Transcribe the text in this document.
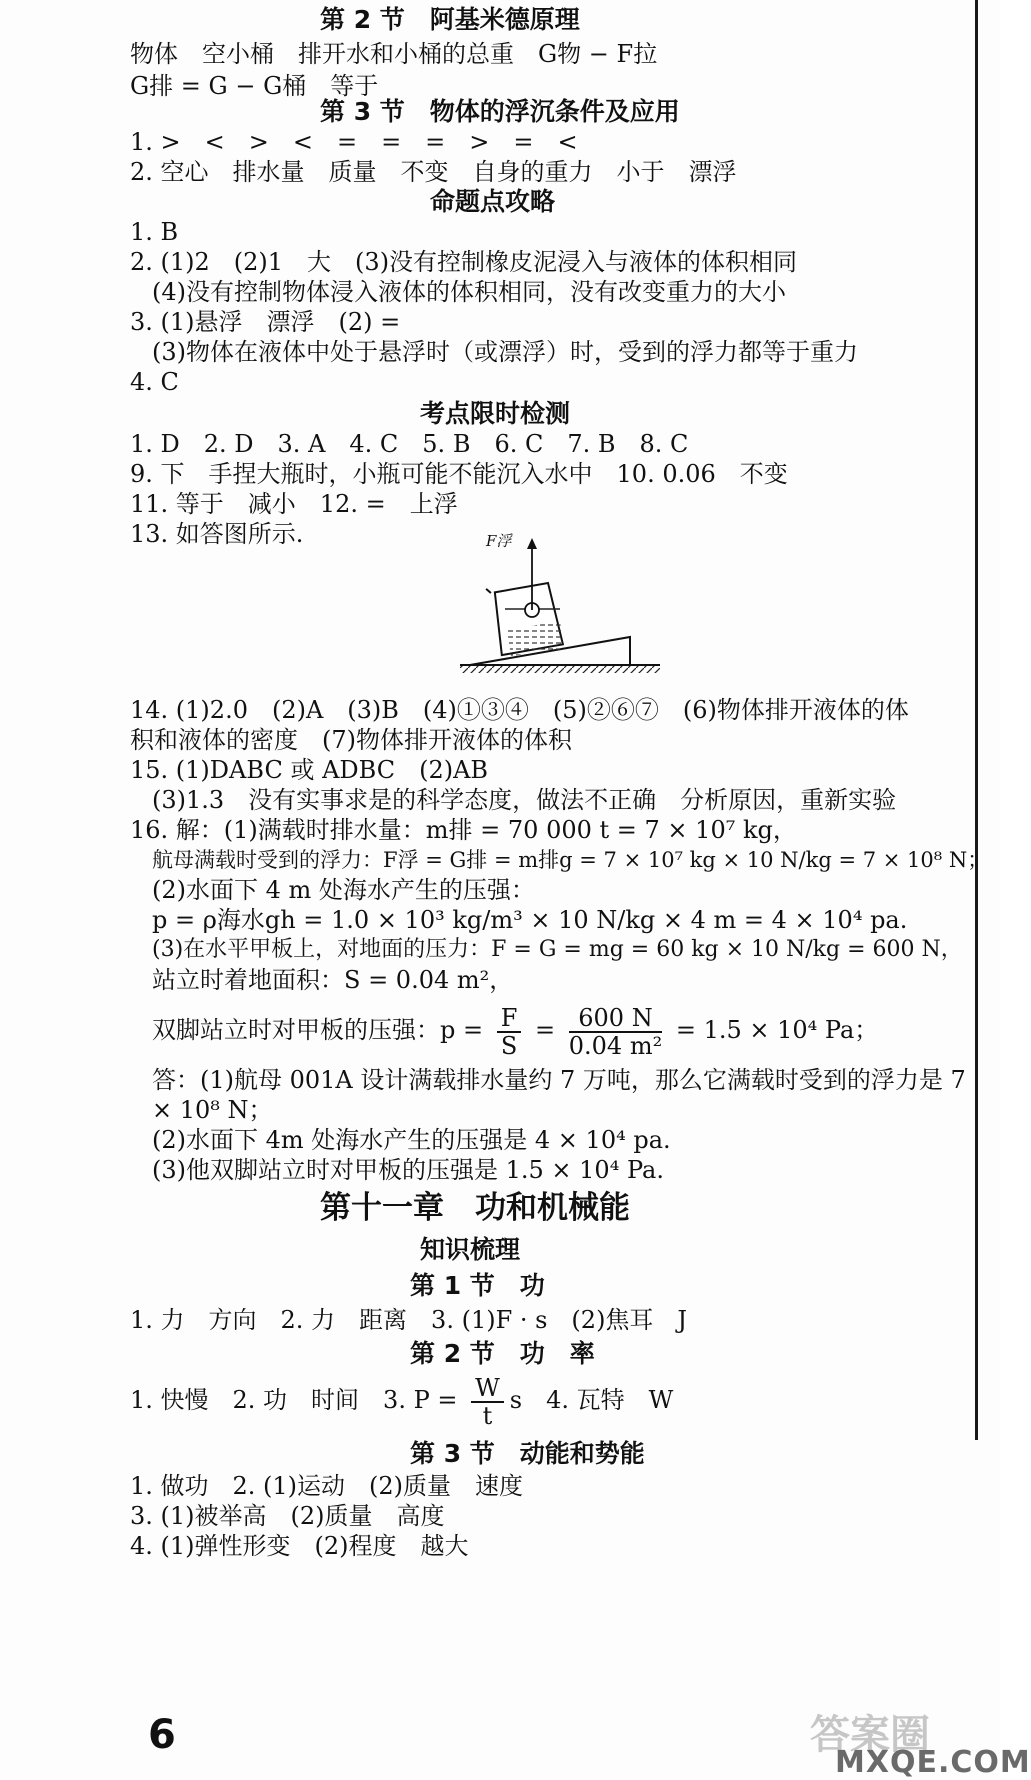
第 2 节　阿基米德原理
物体　空小桶　排开水和小桶的总重　G物 − F拉
G排 = G − G桶　等于
第 3 节　物体的浮沉条件及应用
1. >　<　>　<　=　=　=　>　=　<
2. 空心　排水量　质量　不变　自身的重力　小于　漂浮
命题点攻略
1. B
2. (1)2　(2)1　大　(3)没有控制橡皮泥浸入与液体的体积相同
(4)没有控制物体浸入液体的体积相同，没有改变重力的大小
3. (1)悬浮　漂浮　(2) =
(3)物体在液体中处于悬浮时（或漂浮）时，受到的浮力都等于重力
4. C
考点限时检测
1. D　2. D　3. A　4. C　5. B　6. C　7. B　8. C
9. 下　手捏大瓶时，小瓶可能不能沉入水中　10. 0.06　不变
11. 等于　减小　12. =　上浮
13. 如答图所示.
14. (1)2.0　(2)A　(3)B　(4)①③④　(5)②⑥⑦　(6)物体排开液体的体
积和液体的密度　(7)物体排开液体的体积
15. (1)DABC 或 ADBC　(2)AB
(3)1.3　没有实事求是的科学态度，做法不正确　分析原因，重新实验
16. 解：(1)满载时排水量：m排 = 70 000 t = 7 × 10⁷ kg，
航母满载时受到的浮力：F浮 = G排 = m排g = 7 × 10⁷ kg × 10 N/kg = 7 × 10⁸ N；
(2)水面下 4 m 处海水产生的压强：
p = ρ海水gh = 1.0 × 10³ kg/m³ × 10 N/kg × 4 m = 4 × 10⁴ pa.
(3)在水平甲板上，对地面的压力：F = G = mg = 60 kg × 10 N/kg = 600 N，
站立时着地面积：S = 0.04 m²，
双脚站立时对甲板的压强：$p = \frac{F}{S} = \frac{600 N}{\text{0.04 m²}} = 1.5 \times 10^4$ Pa；
答：(1)航母 001A 设计满载排水量约 7 万吨，那么它满载时受到的浮力是 7
× 10⁸ N；
(2)水面下 4m 处海水产生的压强是 4 × 10⁴ pa.
(3)他双脚站立时对甲板的压强是 1.5 × 10⁴ Pa.
第十一章　功和机械能
知识梳理
第 1 节　功
1. 力　方向　2. 力　距离　3. (1)F · s　(2)焦耳　J
第 2 节　功　率
1. 快慢　2. 功　时间　3. $P = \frac{W}{t}$ s　4. 瓦特　W
第 3 节　动能和势能
1. 做功　2. (1)运动　(2)质量　速度
3. (1)被举高　(2)质量　高度
4. (1)弹性形变　(2)程度　越大
F浮
6	答案圈
MXQE.COM
